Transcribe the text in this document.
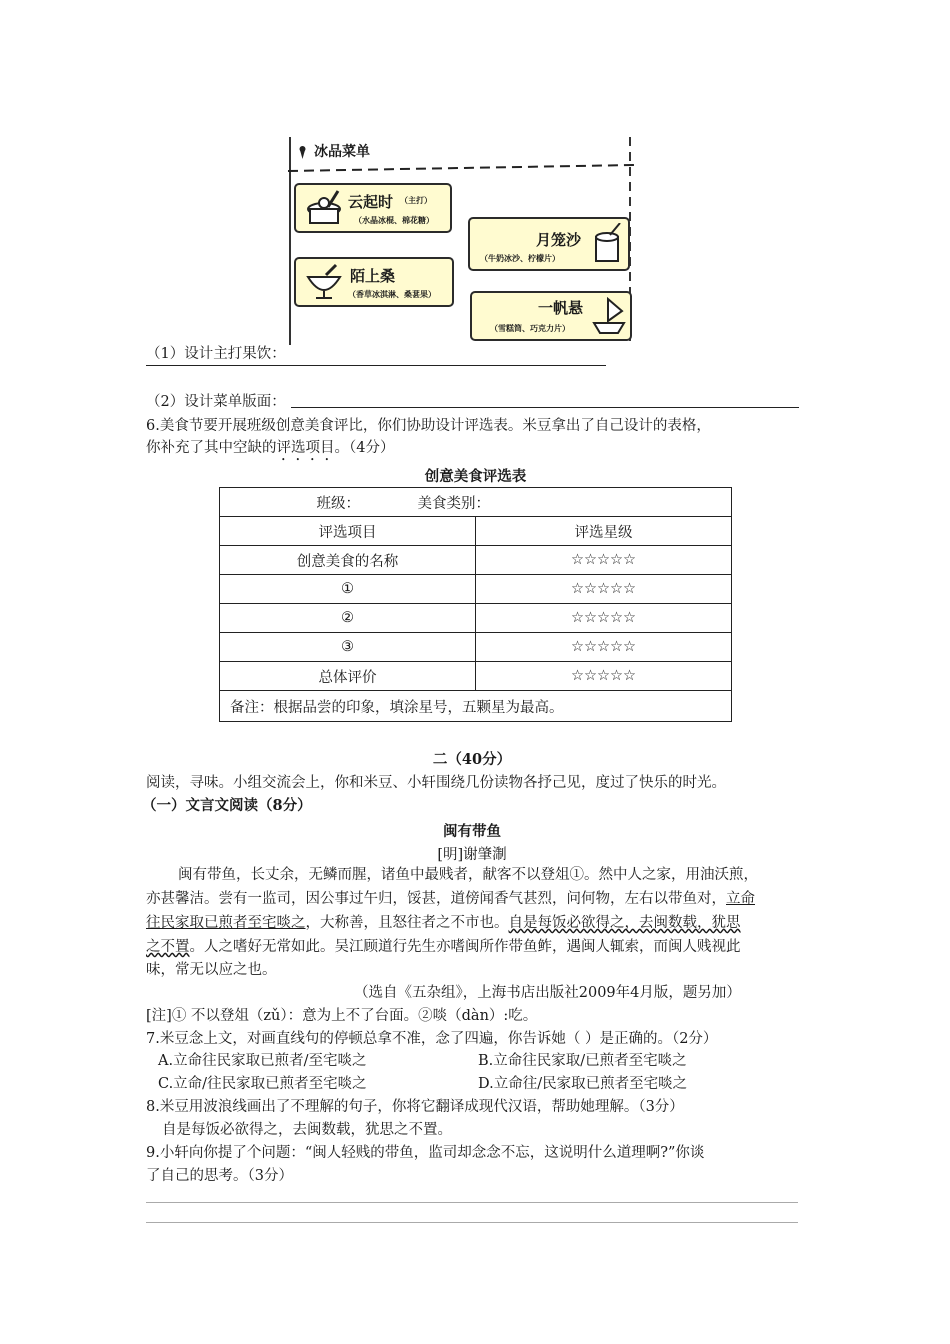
冰品菜单
云起时 （主打）
（水晶冰棍、棉花糖）
陌上桑
（香草冰淇淋、桑葚果）
月笼沙
（牛奶冰沙、柠檬片）
一帆悬
（雪糕筒、巧克力片）
（1）设计主打果饮：
（2）设计菜单版面：
6.美食节要开展班级创意美食评比，你们协助设计评选表。米豆拿出了自己设计的表格，
你补充了其中空缺的评选项目。（4分）
创意美食评选表
班级： 美食类别：	
评选项目	评选星级
创意美食的名称	☆☆☆☆☆
①	☆☆☆☆☆
②	☆☆☆☆☆
③	☆☆☆☆☆
总体评价	☆☆☆☆☆
备注：根据品尝的印象，填涂星号，五颗星为最高。	
二（40分）
阅读，寻味。小组交流会上，你和米豆、小轩围绕几份读物各抒己见，度过了快乐的时光。
（一）文言文阅读（8分）
闽有带鱼
[明]谢肇淛
闽有带鱼，长丈余，无鳞而腥，诸鱼中最贱者，献客不以登俎①。然中人之家，用油沃煎，
亦甚馨洁。尝有一监司，因公事过午归，馁甚，道傍闻香气甚烈，问何物，左右以带鱼对，立命
往民家取已煎者至宅啖之，大称善，且怒往者之不市也。自是每饭必欲得之，去闽数载，犹思
之不置。人之嗜好无常如此。吴江顾道行先生亦嗜闽所作带鱼鲊，遇闽人辄索，而闽人贱视此
味，常无以应之也。
（选自《五杂组》，上海书店出版社2009年4月版，题另加）
[注]① 不以登俎（zǔ）：意为上不了台面。②啖（dàn）:吃。
7.米豆念上文，对画直线句的停顿总拿不准，念了四遍，你告诉她（ ）是正确的。（2分）
A.立命往民家取已煎者/至宅啖之	B.立命往民家取/已煎者至宅啖之
C.立命/往民家取已煎者至宅啖之	D.立命往/民家取已煎者至宅啖之
8.米豆用波浪线画出了不理解的句子，你将它翻译成现代汉语，帮助她理解。（3分）
自是每饭必欲得之，去闽数载，犹思之不置。
9.小轩向你提了个问题：“闽人轻贱的带鱼，监司却念念不忘，这说明什么道理啊?”你谈
了自己的思考。（3分）
